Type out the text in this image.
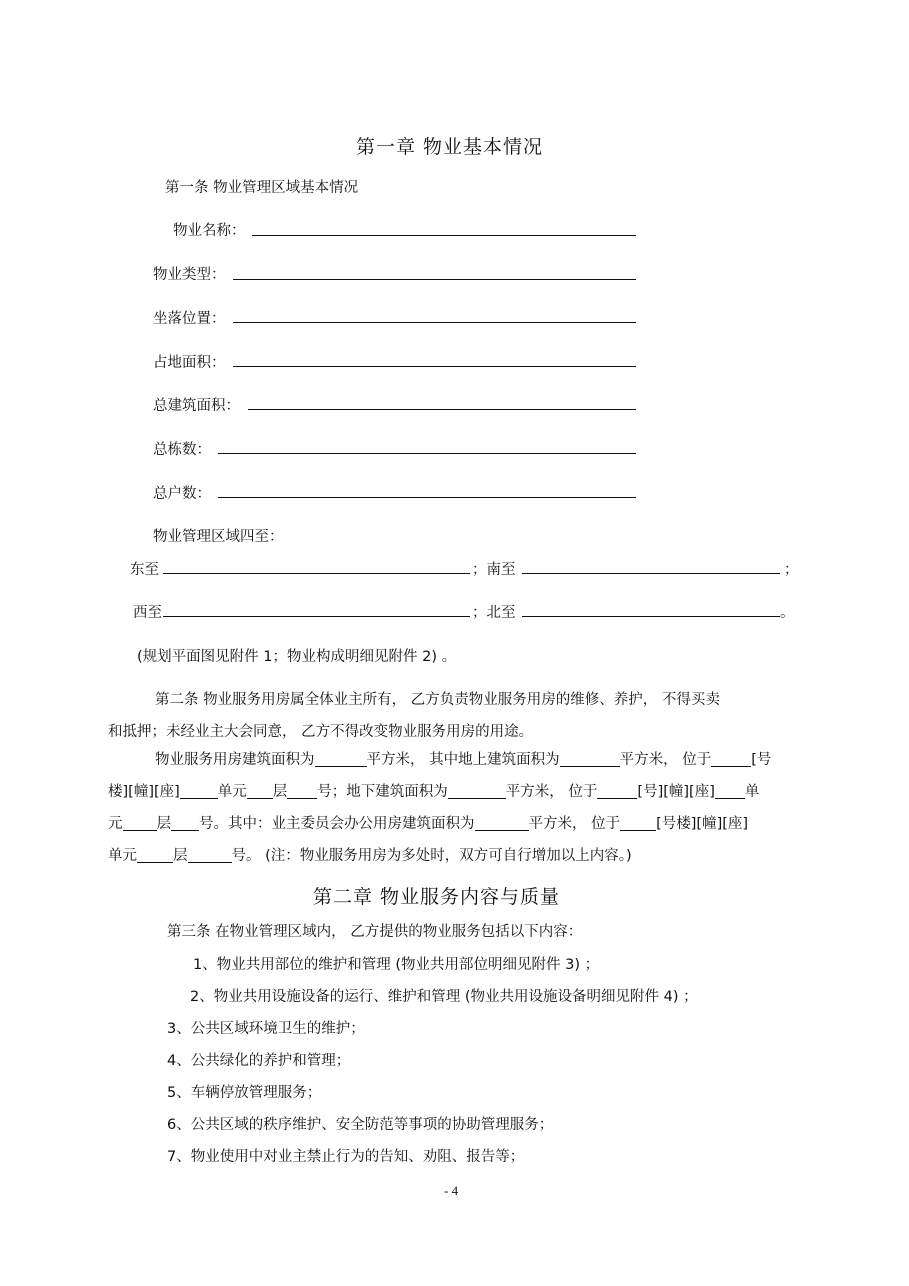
第一章 物业基本情况
第一条 物业管理区域基本情况
物业名称：
物业类型：
坐落位置：
占地面积：
总建筑面积：
总栋数：
总户数：
物业管理区域四至：
东至	；南至	；
西至	；北至	。
(规划平面图见附件 1；物业构成明细见附件 2) 。
第二条 物业服务用房属全体业主所有， 乙方负责物业服务用房的维修、养护， 不得买卖
和抵押；未经业主大会同意， 乙方不得改变物业服务用房的用途。
物业服务用房建筑面积为	平方米， 其中地上建筑面积为	平方米， 位于	[号
楼][幢][座]	单元 层 号；地下建筑面积为	平方米， 位于	[号][幢][座] 单
元 层 号。其中：业主委员会办公用房建筑面积为	平方米， 位于 [号楼][幢][座]
单元 层	号。 (注：物业服务用房为多处时，双方可自行增加以上内容。)
第二章 物业服务内容与质量
第三条 在物业管理区域内， 乙方提供的物业服务包括以下内容：
1、物业共用部位的维护和管理 (物业共用部位明细见附件 3) ；
2、物业共用设施设备的运行、维护和管理 (物业共用设施设备明细见附件 4) ；
3、公共区域环境卫生的维护；
4、公共绿化的养护和管理；
5、车辆停放管理服务；
6、公共区域的秩序维护、安全防范等事项的协助管理服务；
7、物业使用中对业主禁止行为的告知、劝阻、报告等；
- 4
